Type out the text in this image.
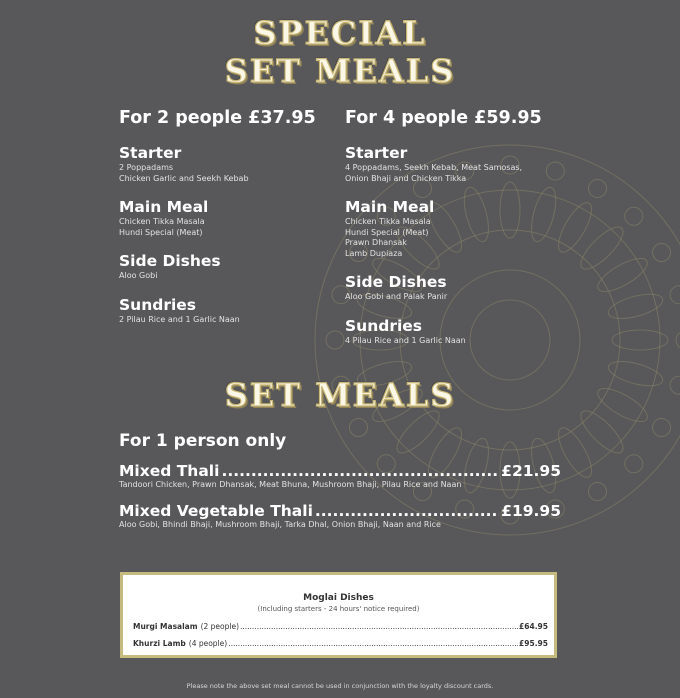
SPECIAL
SET MEALS
For 2 people £37.95
Starter
2 Poppadams
Chicken Garlic and Seekh Kebab
Main Meal
Chicken Tikka Masala
Hundi Special (Meat)
Side Dishes
Aloo Gobi
Sundries
2 Pilau Rice and 1 Garlic Naan
For 4 people £59.95
Starter
4 Poppadams, Seekh Kebab, Meat Samosas,
Onion Bhaji and Chicken Tikka
Main Meal
Chicken Tikka Masala
Hundi Special (Meat)
Prawn Dhansak
Lamb Dupiaza
Side Dishes
Aloo Gobi and Palak Panir
Sundries
4 Pilau Rice and 1 Garlic Naan
SET MEALS
For 1 person only
Mixed Thali .....	£21.95
Tandoori Chicken, Prawn Dhansak, Meat Bhuna, Mushroom Bhaji, Pilau Rice and Naan
Mixed Vegetable Thali .....	£19.95
Aloo Gobi, Bhindi Bhaji, Mushroom Bhaji, Tarka Dhal, Onion Bhaji, Naan and Rice
Moglai Dishes
(Including starters - 24 hours' notice required)
Murgi Masalam (2 people) .....	£64.95
Khurzi Lamb (4 people) .....	£95.95
Please note the above set meal cannot be used in conjunction with the loyalty discount cards.
